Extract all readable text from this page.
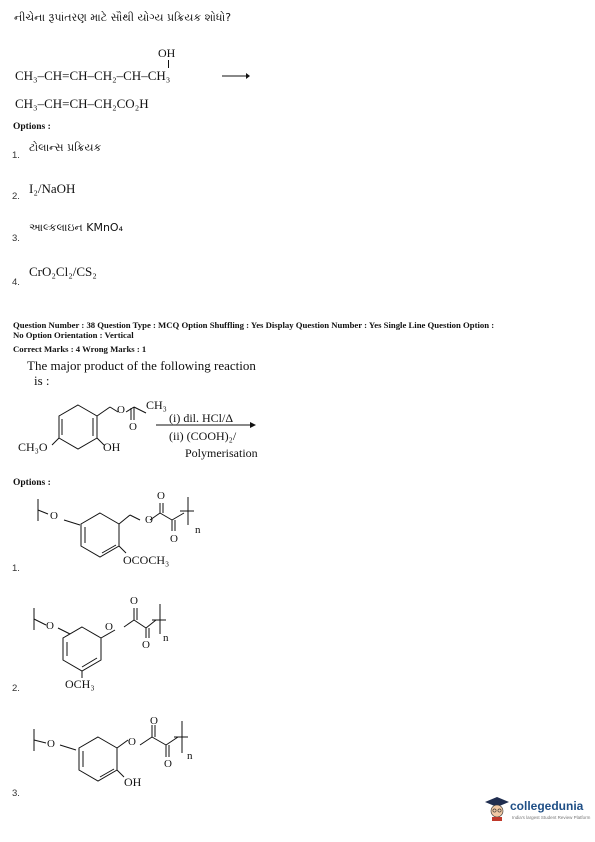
નીચેના રૂપાંતરણ માટે સૌથી યોગ્ય પ્રક્રિયક શોધો?
OH
CH₃–CH=CH–CH₂–CH–CH₃
CH₃–CH=CH–CH₂CO₂H
Options :
1.
ટોલાન્સ પ્રક્રિયક
2.
I₂/NaOH
3.
આલ્કલાઇન KMnO₄
4.
CrO₂Cl₂/CS₂
Question Number : 38 Question Type : MCQ Option Shuffling : Yes Display Question Number : Yes Single Line Question Option :
No Option Orientation : Vertical
Correct Marks : 4 Wrong Marks : 1
The major product of the following reaction
is :
O
O
CH₃
CH₃O	OH
(i) dil. HCl/Δ
(ii) (COOH)₂/
Polymerisation
Options :
O	O
O
O
n
OCOCH₃
1.
O	O
O
O
n
OCH₃
2.
O	O
O
O
n
OH
3.
collegedunia
India's largest Student Review Platform
